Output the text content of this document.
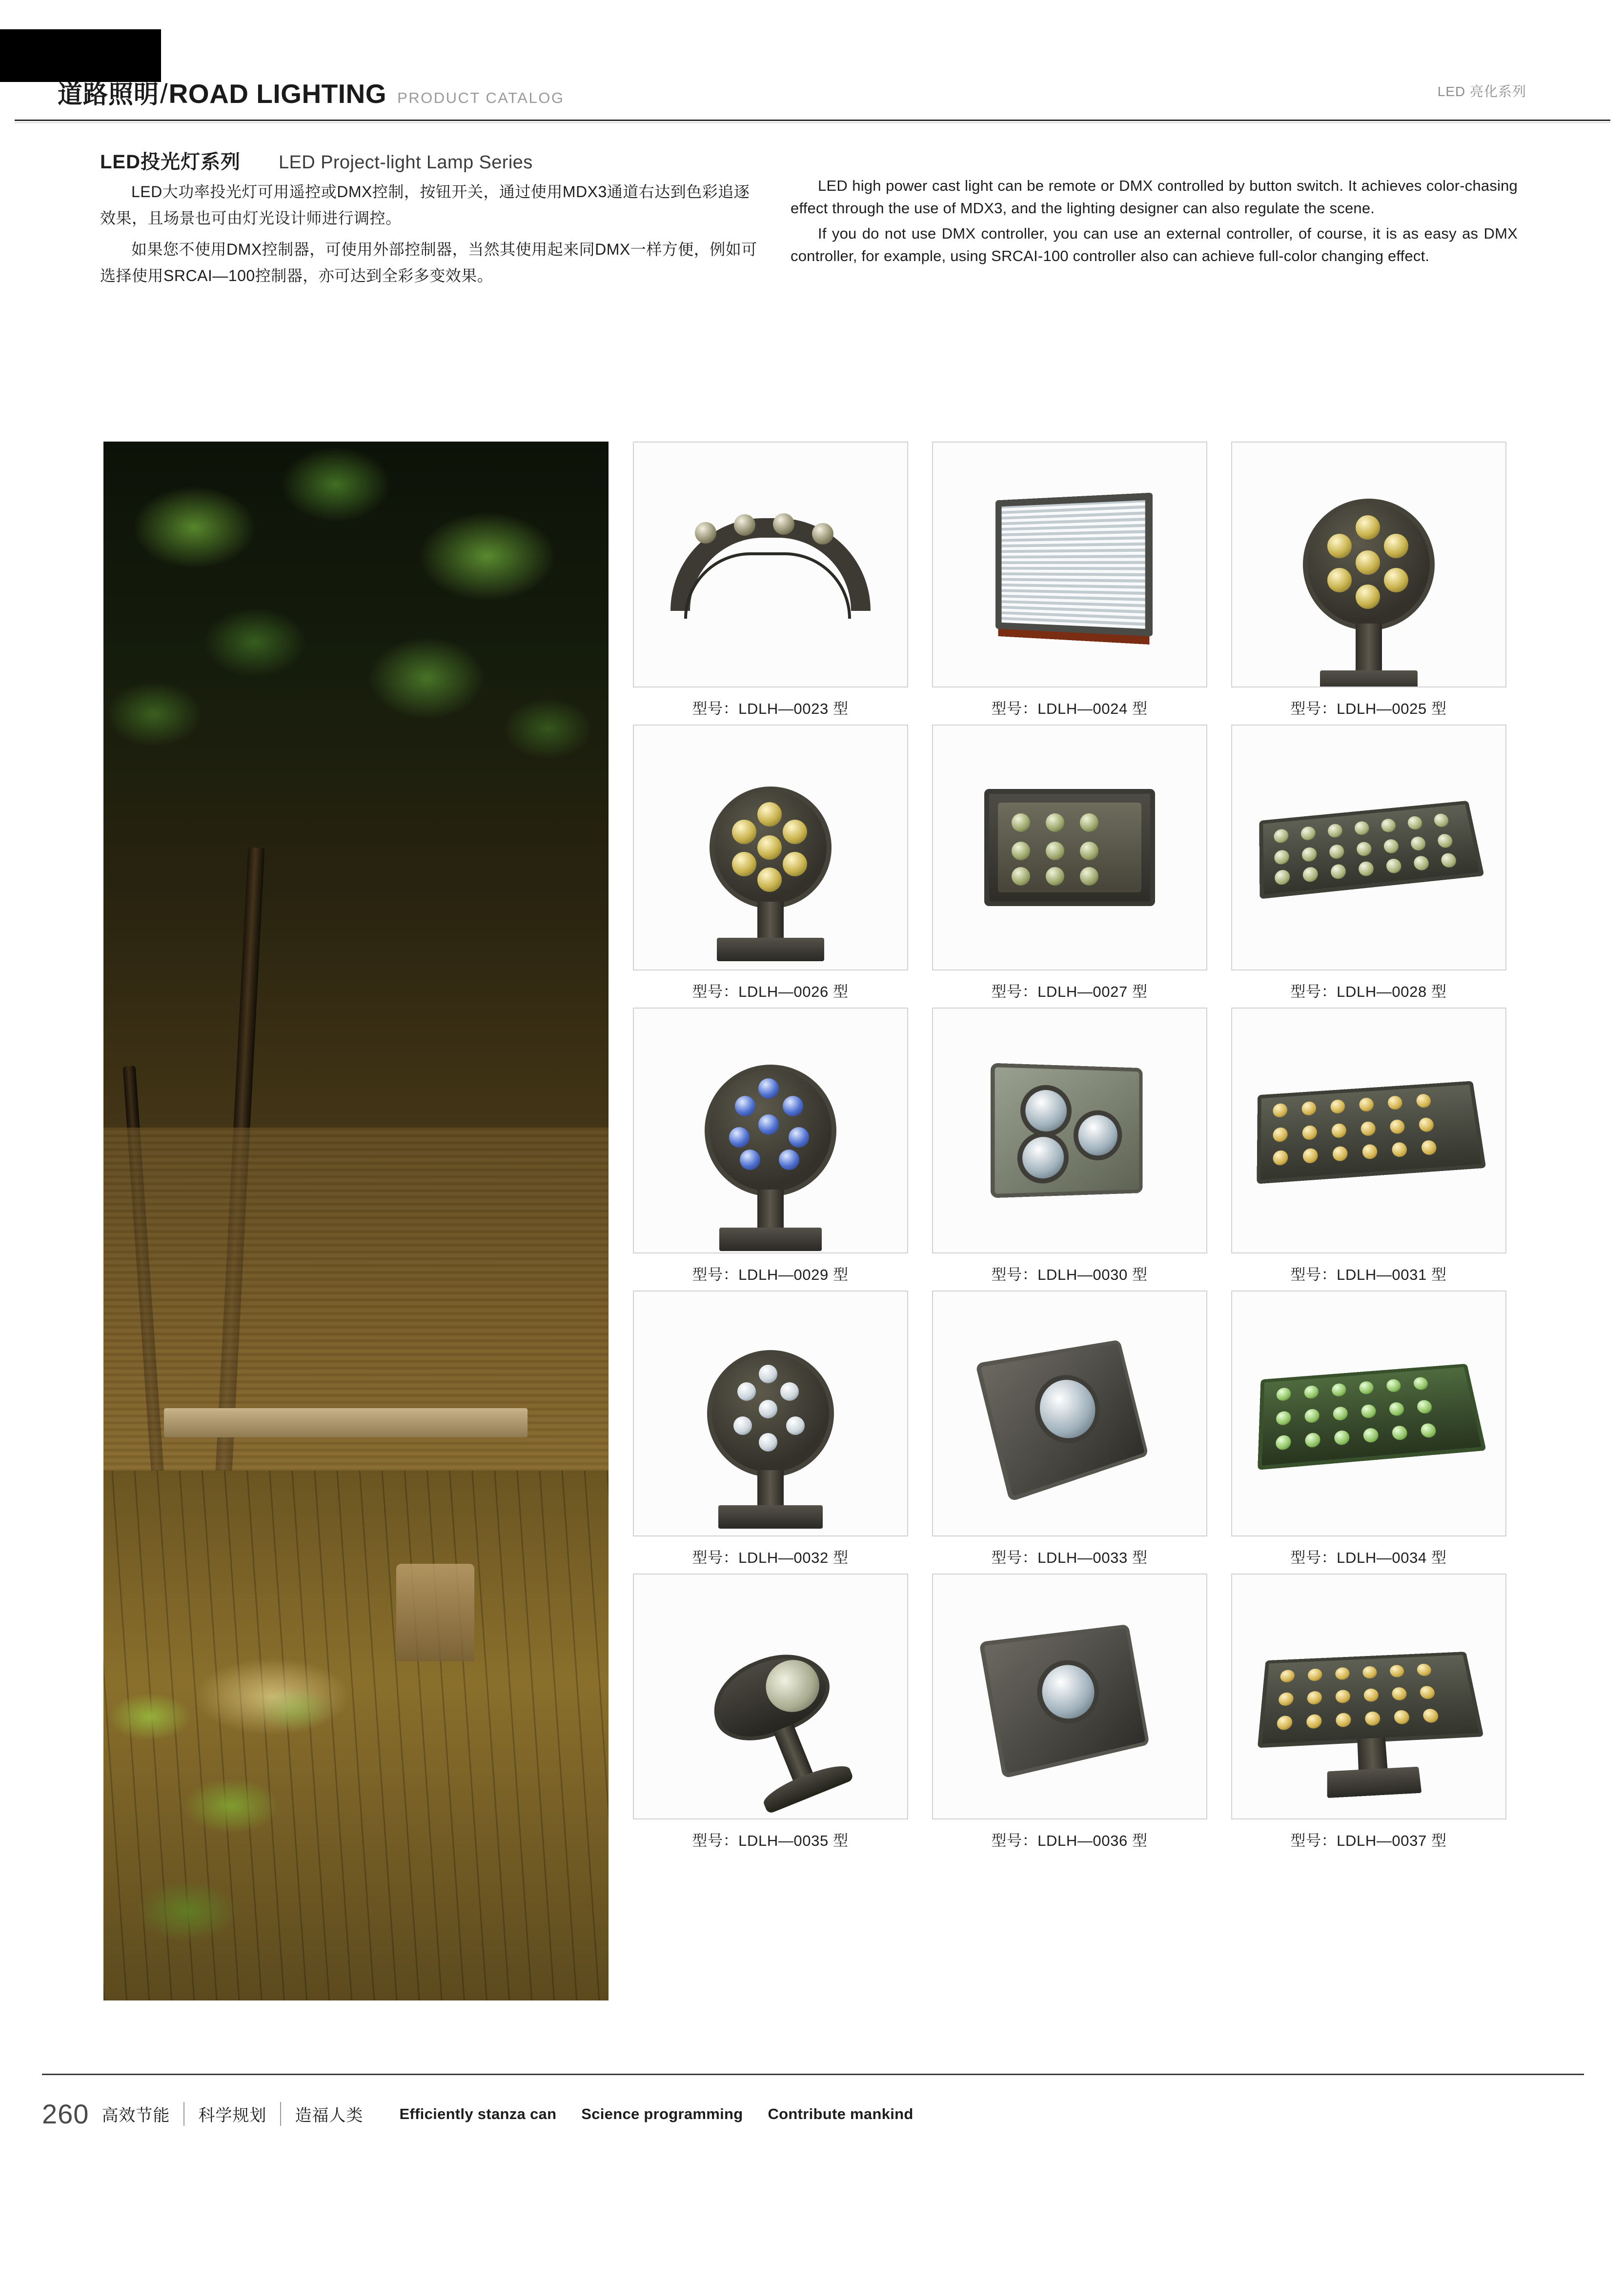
道路照明 / ROAD LIGHTING PRODUCT CATALOG	LED 亮化系列
LED投光灯系列 LED Project-light Lamp Series

LED大功率投光灯可用遥控或DMX控制，按钮开关，通过使用MDX3通道右达到色彩追逐效果，且场景也可由灯光设计师进行调控。

如果您不使用DMX控制器，可使用外部控制器，当然其使用起来同DMX一样方便，例如可选择使用SRCAI—100控制器，亦可达到全彩多变效果。

LED high power cast light can be remote or DMX controlled by button switch. It achieves color-chasing effect through the use of MDX3, and the lighting designer can also regulate the scene.

If you do not use DMX controller, you can use an external controller, of course, it is as easy as DMX controller, for example, using SRCAI-100 controller also can achieve full-color changing effect.

型号：LDLH—0023 型	型号：LDLH—0024 型	型号：LDLH—0025 型
型号：LDLH—0026 型	型号：LDLH—0027 型	型号：LDLH—0028 型
型号：LDLH—0029 型	型号：LDLH—0030 型	型号：LDLH—0031 型
型号：LDLH—0032 型	型号：LDLH—0033 型	型号：LDLH—0034 型
型号：LDLH—0035 型	型号：LDLH—0036 型	型号：LDLH—0037 型
260 高效节能	科学规划	造福人类	Efficiently stanza can Science programming Contribute mankind
